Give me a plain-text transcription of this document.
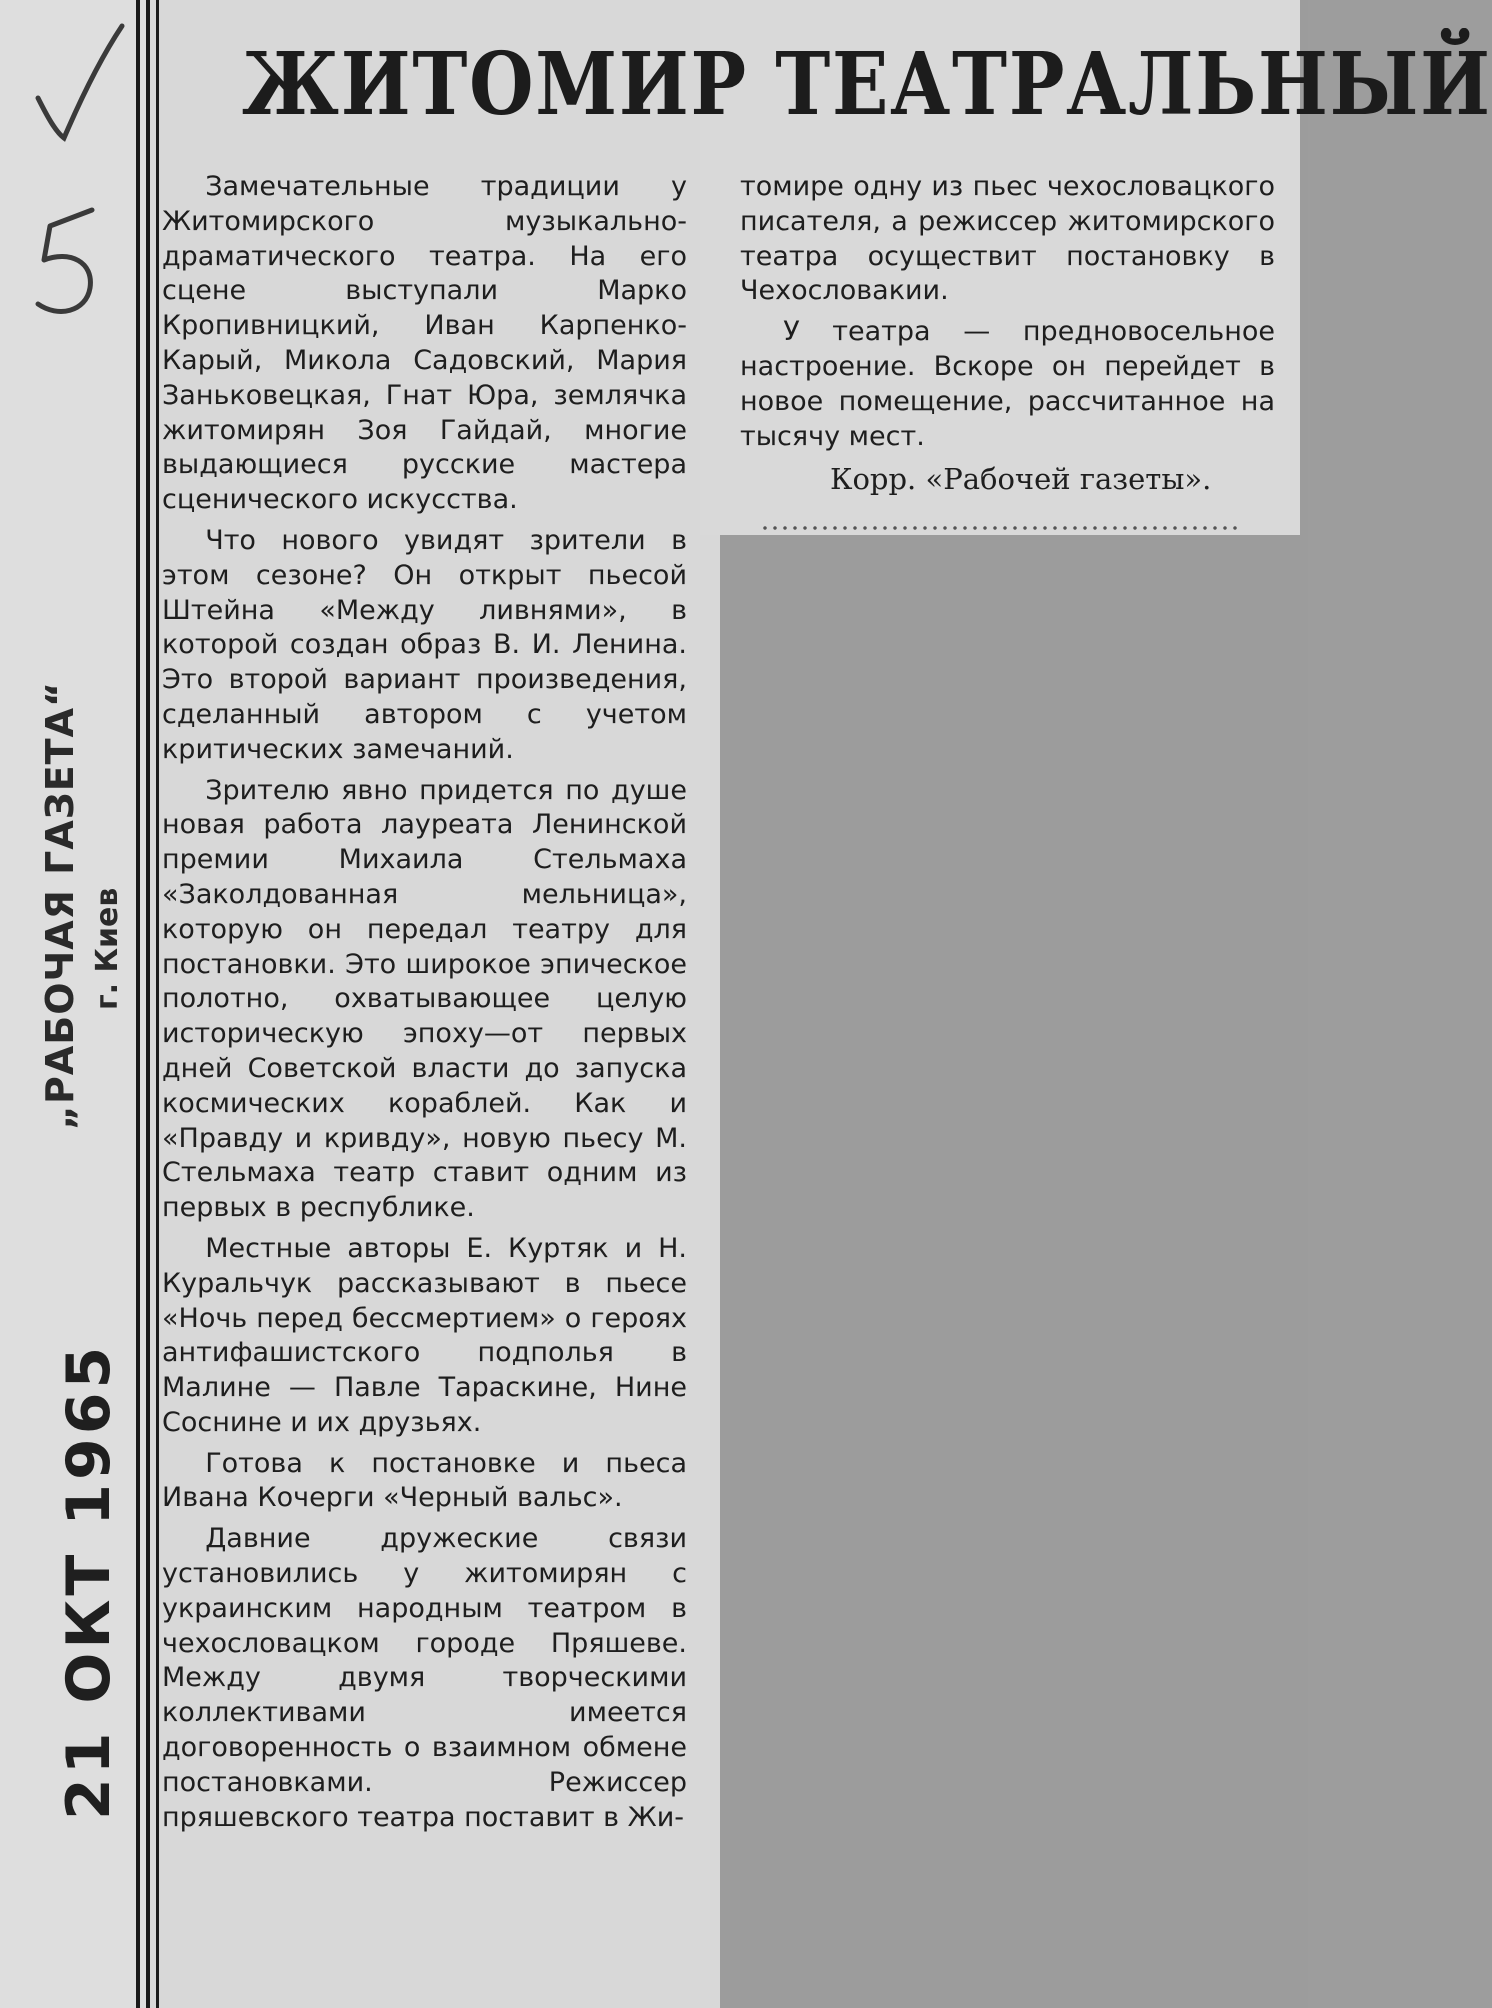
„РАБОЧАЯ ГАЗЕТА“ г. Киев
21 ОКТ 1965
ЖИТОМИР ТЕАТРАЛЬНЫЙ

Замечательные традиции у Житомирского музыкально-драматического театра. На его сцене выступали Марко Кропивницкий, Иван Карпенко-Карый, Микола Садовский, Мария Заньковецкая, Гнат Юра, землячка житомирян Зоя Гайдай, многие выдающиеся русские мастера сценического искусства.

Что нового увидят зрители в этом сезоне? Он открыт пьесой Штейна «Между ливнями», в которой создан образ В. И. Ленина. Это второй вариант произведения, сделанный автором с учетом критических замечаний.

Зрителю явно придется по душе новая работа лауреата Ленинской премии Михаила Стельмаха «Заколдованная мельница», которую он передал театру для постановки. Это широкое эпическое полотно, охватывающее целую историческую эпоху—от первых дней Советской власти до запуска космических кораблей. Как и «Правду и кривду», новую пьесу М. Стельмаха театр ставит одним из первых в республике.

Местные авторы Е. Куртяк и Н. Куральчук рассказывают в пьесе «Ночь перед бессмертием» о героях антифашистского подполья в Малине — Павле Тараскине, Нине Соснине и их друзьях.

Готова к постановке и пьеса Ивана Кочерги «Черный вальс».

Давние дружеские связи установились у житомирян с украинским народным театром в чехословацком городе Пряшеве. Между двумя творческими коллективами имеется договоренность о взаимном обмене постановками. Режиссер пряшевского театра поставит в Жи-

томире одну из пьес чехословацкого писателя, а режиссер житомирского театра осуществит постановку в Чехословакии.

У театра — предновосельное настроение. Вскоре он перейдет в новое помещение, рассчитанное на тысячу мест.

Корр. «Рабочей газеты».
